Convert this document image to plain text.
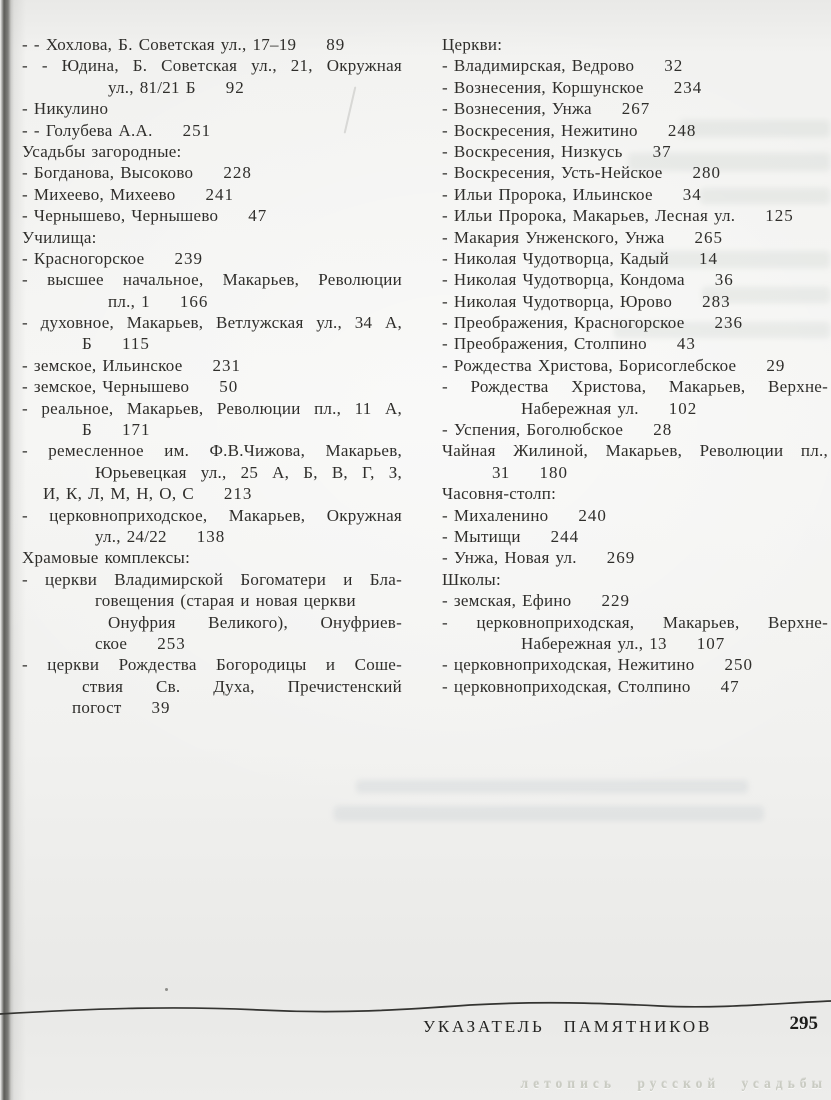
- - Хохлова, Б. Советская ул., 17–19 89
- - Юдина, Б. Советская ул., 21, Окружная
ул., 81/21 Б 92
- Никулино
- - Голубева А.А. 251
Усадьбы загородные:
- Богданова, Высоково 228
- Михеево, Михеево 241
- Чернышево, Чернышево 47
Училища:
- Красногорское 239
- высшее начальное, Макарьев, Революции
пл., 1 166
- духовное, Макарьев, Ветлужская ул., 34 А,
Б 115
- земское, Ильинское 231
- земское, Чернышево 50
- реальное, Макарьев, Революции пл., 11 А,
Б 171
- ремесленное им. Ф.В.Чижова, Макарьев,
Юрьевецкая ул., 25 А, Б, В, Г, З,
И, К, Л, М, Н, О, С 213
- церковноприходское, Макарьев, Окружная
ул., 24/22 138
Храмовые комплексы:
- церкви Владимирской Богоматери и Бла-
говещения (старая и новая церкви
Онуфрия Великого), Онуфриев-
ское 253
- церкви Рождества Богородицы и Соше-
ствия Св. Духа, Пречистенский
погост 39
Церкви:
- Владимирская, Ведрово 32
- Вознесения, Коршунское 234
- Вознесения, Унжа 267
- Воскресения, Нежитино 248
- Воскресения, Низкусь 37
- Воскресения, Усть-Нейское 280
- Ильи Пророка, Ильинское 34
- Ильи Пророка, Макарьев, Лесная ул. 125
- Макария Унженского, Унжа 265
- Николая Чудотворца, Кадый 14
- Николая Чудотворца, Кондома 36
- Николая Чудотворца, Юрово 283
- Преображения, Красногорское 236
- Преображения, Столпино 43
- Рождества Христова, Борисоглебское 29
- Рождества Христова, Макарьев, Верхне-
Набережная ул. 102
- Успения, Боголюбское 28
Чайная Жилиной, Макарьев, Революции пл.,
31 180
Часовня-столп:
- Михаленино 240
- Мытищи 244
- Унжа, Новая ул. 269
Школы:
- земская, Ефино 229
- церковноприходская, Макарьев, Верхне-
Набережная ул., 13 107
- церковноприходская, Нежитино 250
- церковноприходская, Столпино 47
УКАЗАТЕЛЬ ПАМЯТНИКОВ	295
летопись русской усадьбы
